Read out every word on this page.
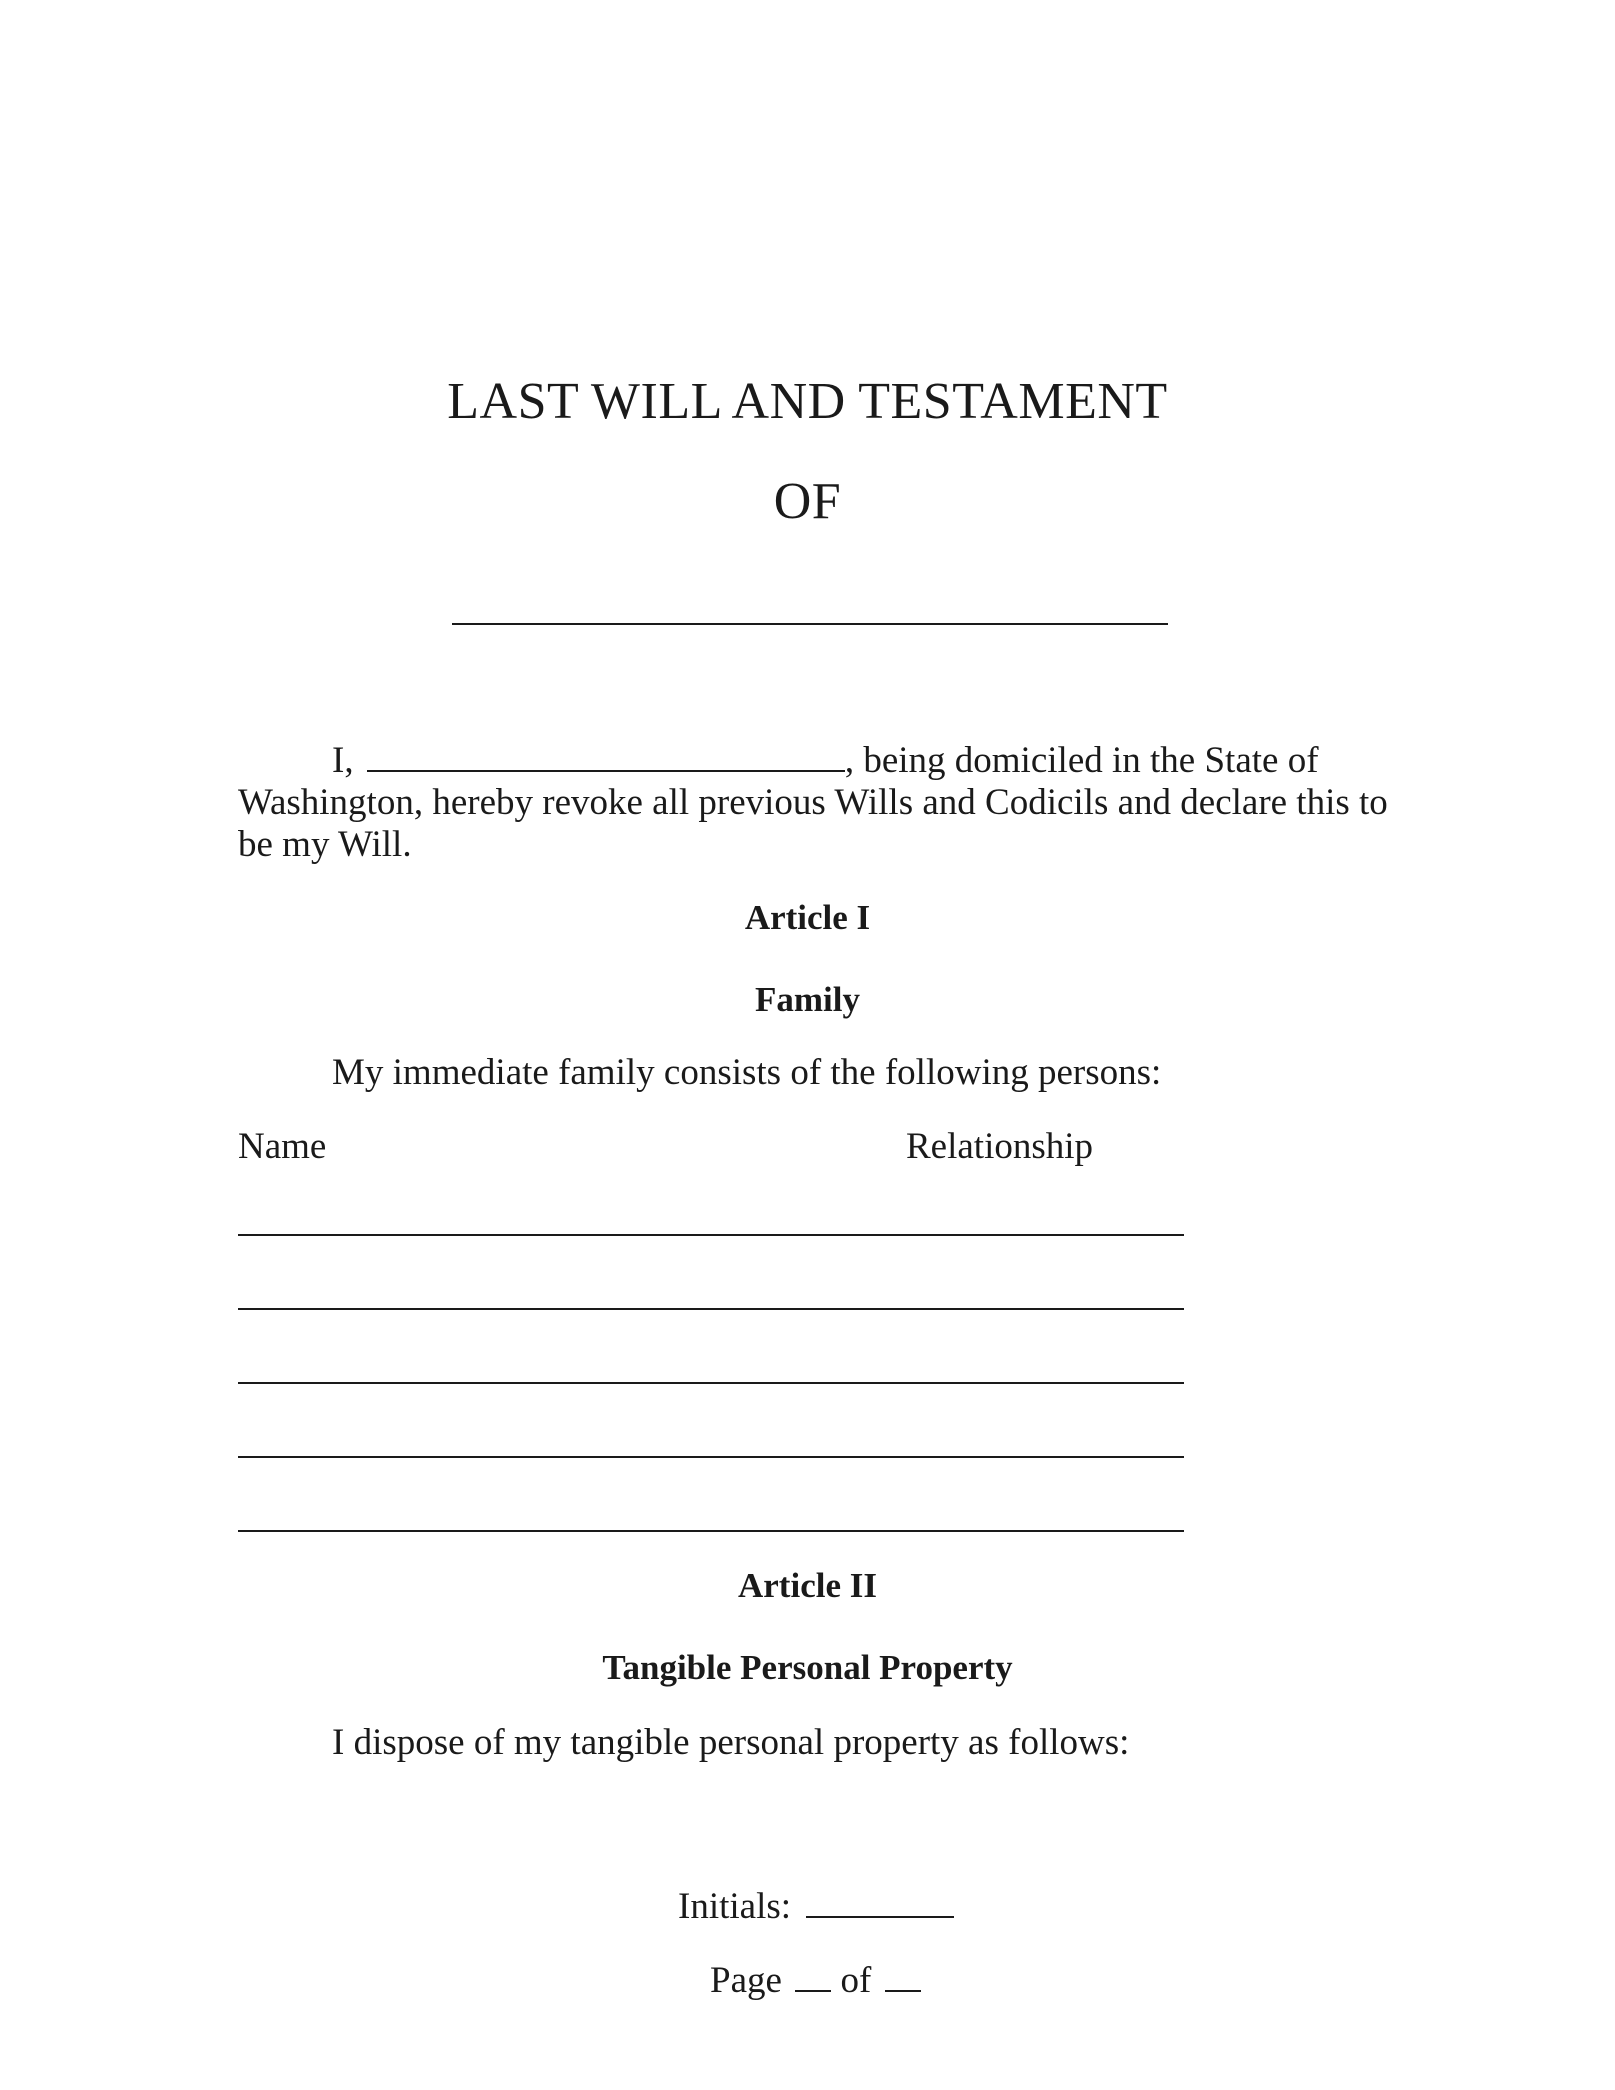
LAST WILL AND TESTAMENT
OF
I,	, being domiciled in the State of
Washington, hereby revoke all previous Wills and Codicils and declare this to
be my Will.
Article I
Family
My immediate family consists of the following persons:
Name	Relationship
Article II
Tangible Personal Property
I dispose of my tangible personal property as follows:
Initials:
Page of
